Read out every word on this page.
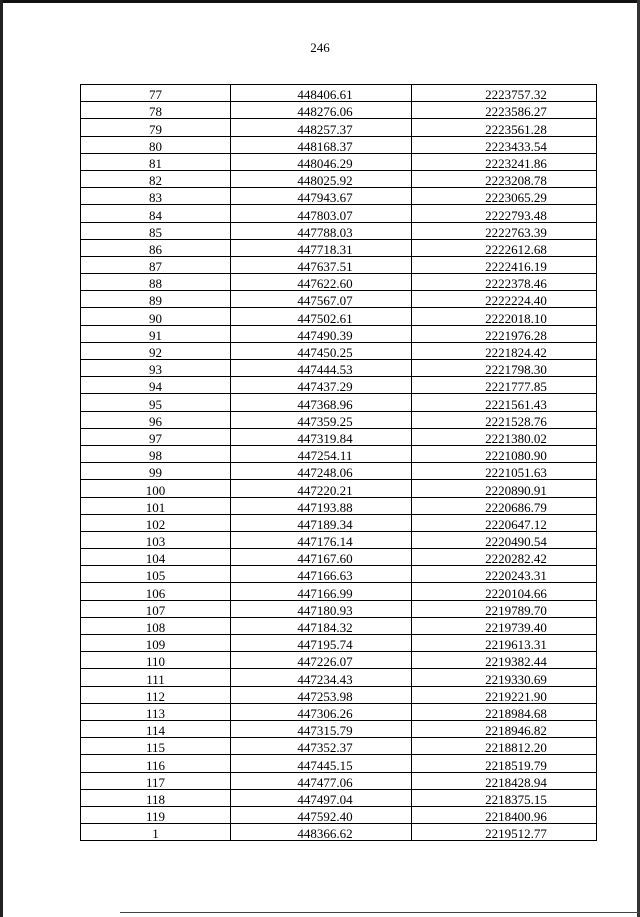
246
77	448406.61	2223757.32
78	448276.06	2223586.27
79	448257.37	2223561.28
80	448168.37	2223433.54
81	448046.29	2223241.86
82	448025.92	2223208.78
83	447943.67	2223065.29
84	447803.07	2222793.48
85	447788.03	2222763.39
86	447718.31	2222612.68
87	447637.51	2222416.19
88	447622.60	2222378.46
89	447567.07	2222224.40
90	447502.61	2222018.10
91	447490.39	2221976.28
92	447450.25	2221824.42
93	447444.53	2221798.30
94	447437.29	2221777.85
95	447368.96	2221561.43
96	447359.25	2221528.76
97	447319.84	2221380.02
98	447254.11	2221080.90
99	447248.06	2221051.63
100	447220.21	2220890.91
101	447193.88	2220686.79
102	447189.34	2220647.12
103	447176.14	2220490.54
104	447167.60	2220282.42
105	447166.63	2220243.31
106	447166.99	2220104.66
107	447180.93	2219789.70
108	447184.32	2219739.40
109	447195.74	2219613.31
110	447226.07	2219382.44
111	447234.43	2219330.69
112	447253.98	2219221.90
113	447306.26	2218984.68
114	447315.79	2218946.82
115	447352.37	2218812.20
116	447445.15	2218519.79
117	447477.06	2218428.94
118	447497.04	2218375.15
119	447592.40	2218400.96
1	448366.62	2219512.77
